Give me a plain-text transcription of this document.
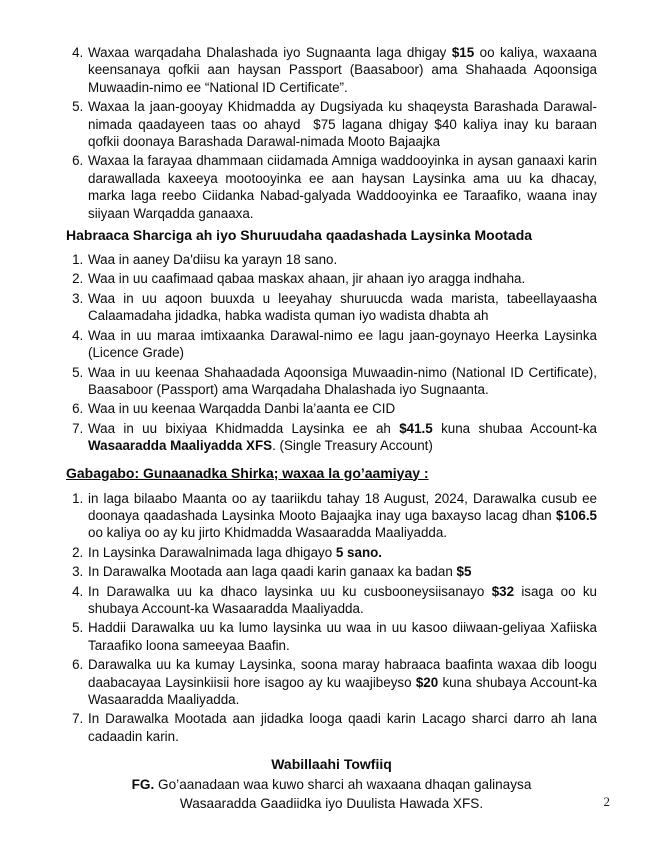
4. Waxaa warqadaha Dhalashada iyo Sugnaanta laga dhigay $15 oo kaliya, waxaana keensanaya qofkii aan haysan Passport (Baasaboor) ama Shahaada Aqoonsiga Muwaadin-nimo ee “National ID Certificate”.
5. Waxaa la jaan-gooyay Khidmadda ay Dugsiyada ku shaqeysta Barashada Darawal-nimada qaadayeen taas oo ahayd  $75 lagana dhigay $40 kaliya inay ku baraan qofkii doonaya Barashada Darawal-nimada Mooto Bajaajka
6. Waxaa la farayaa dhammaan ciidamada Amniga waddooyinka in aysan ganaaxi karin darawallada kaxeeya mootooyinka ee aan haysan Laysinka ama uu ka dhacay, marka laga reebo Ciidanka Nabad-galyada Waddooyinka ee Taraafiko, waana inay siiyaan Warqadda ganaaxa.
Habraaca Sharciga ah iyo Shuruudaha qaadashada Laysinka Mootada
1. Waa in aaney Da'diisu ka yarayn 18 sano.
2. Waa in uu caafimaad qabaa maskax ahaan, jir ahaan iyo aragga indhaha.
3. Waa in uu aqoon buuxda u leeyahay shuruucda wada marista, tabeellayaasha Calaamadaha jidadka, habka wadista quman iyo wadista dhabta ah
4. Waa in uu maraa imtixaanka Darawal-nimo ee lagu jaan-goynayo Heerka Laysinka (Licence Grade)
5. Waa in uu keenaa Shahaadada Aqoonsiga Muwaadin-nimo (National ID Certificate), Baasaboor (Passport) ama Warqadaha Dhalashada iyo Sugnaanta.
6. Waa in uu keenaa Warqadda Danbi la’aanta ee CID
7. Waa in uu bixiyaa Khidmadda Laysinka ee ah $41.5 kuna shubaa Account-ka Wasaaradda Maaliyadda XFS. (Single Treasury Account)
Gabagabo: Gunaanadka Shirka; waxaa la go’aamiyay :
1. in laga bilaabo Maanta oo ay taariikdu tahay 18 August, 2024, Darawalka cusub ee doonaya qaadashada Laysinka Mooto Bajaajka inay uga baxayso lacag dhan $106.5 oo kaliya oo ay ku jirto Khidmadda Wasaaradda Maaliyadda.
2. In Laysinka Darawalnimada laga dhigayo 5 sano.
3. In Darawalka Mootada aan laga qaadi karin ganaax ka badan $5
4. In Darawalka uu ka dhaco laysinka uu ku cusbooneysiisanayo $32 isaga oo ku shubaya Account-ka Wasaaradda Maaliyadda.
5. Haddii Darawalka uu ka lumo laysinka uu waa in uu kasoo diiwaan-geliyaa Xafiiska Taraafiko loona sameeyaa Baafin.
6. Darawalka uu ka kumay Laysinka, soona maray habraaca baafinta waxaa dib loogu daabacayaa Laysinkiisii hore isagoo ay ku waajibeyso $20 kuna shubaya Account-ka Wasaaradda Maaliyadda.
7. In Darawalka Mootada aan jidadka looga qaadi karin Lacago sharci darro ah lana cadaadin karin.

Wabillaahi Towfiiq

FG. Go’aanadaan waa kuwo sharci ah waxaana dhaqan galinaysa
Wasaaradda Gaadiidka iyo Duulista Hawada XFS.	2
